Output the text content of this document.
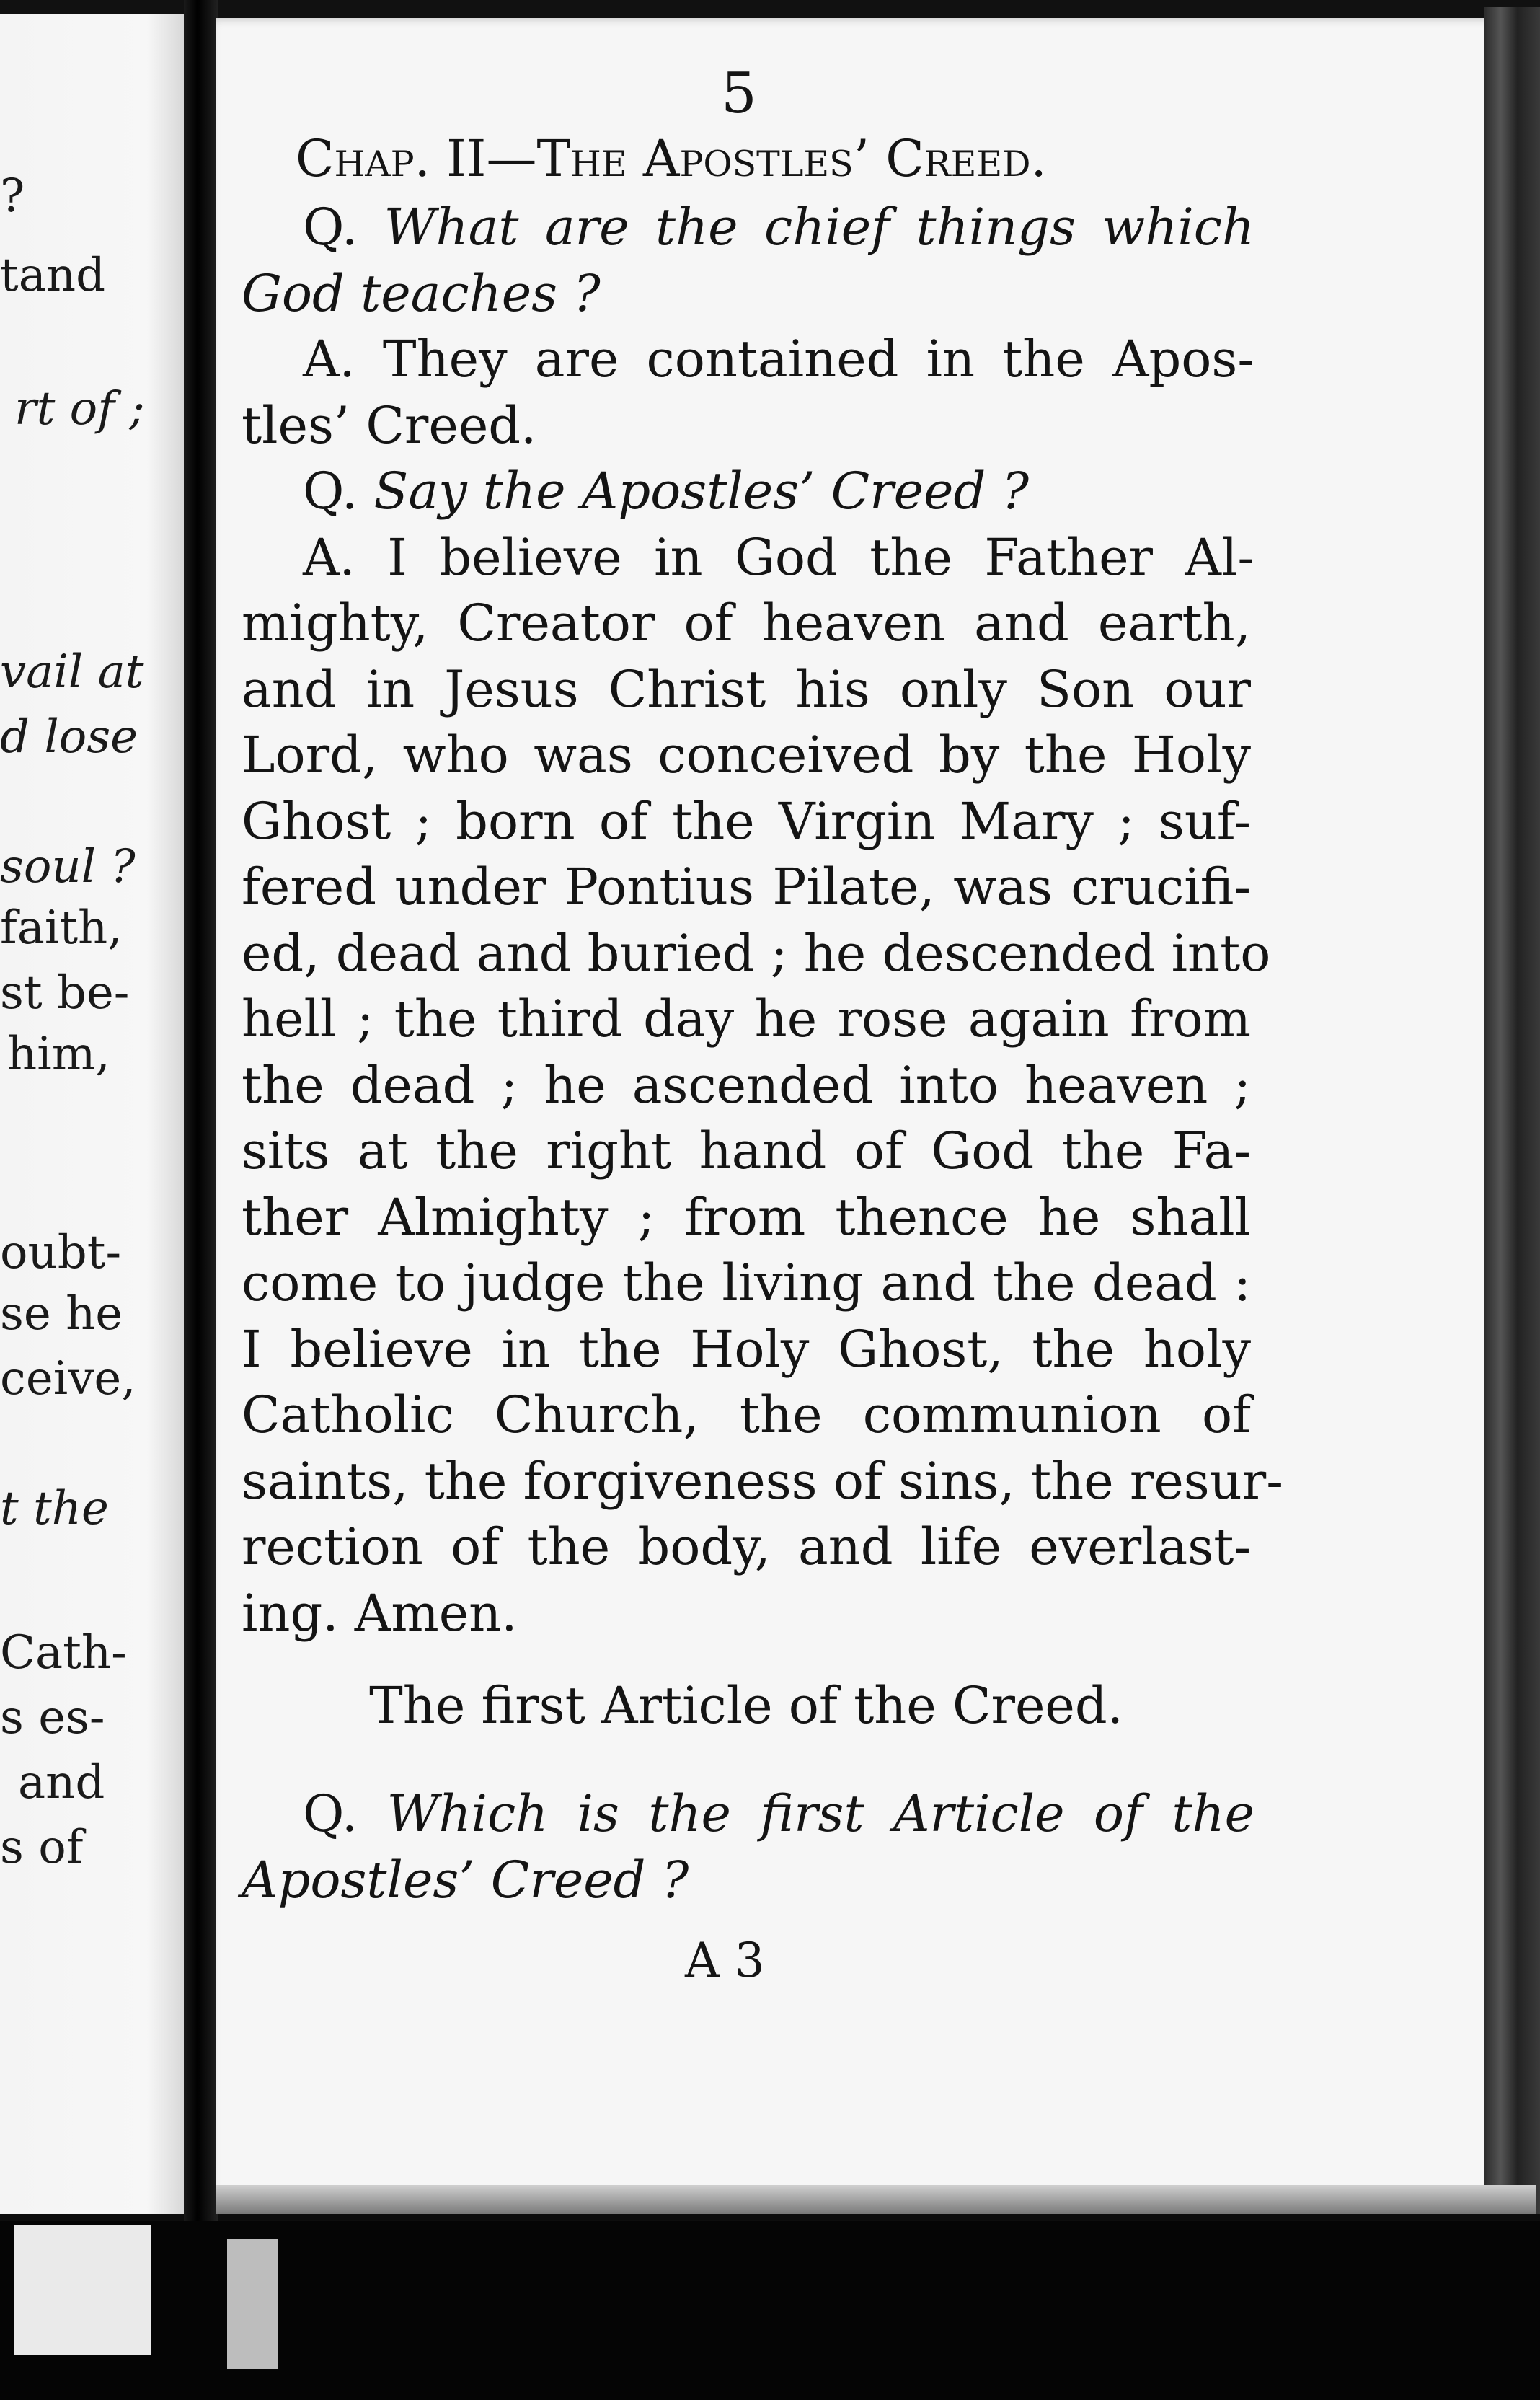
?
tand
rt of ;
vail at
d lose
soul ?
faith,
st be-
him,
oubt-
se he
ceive,
t the
Cath-
s es-
and
s of
5
Chap. II—The Apostles’ Creed.
Q. What are the chief things which
God teaches ?
A. They are contained in the Apos-
tles’ Creed.
Q. Say the Apostles’ Creed ?
A. I believe in God the Father Al-
mighty, Creator of heaven and earth,
and in Jesus Christ his only Son our
Lord, who was conceived by the Holy
Ghost ; born of the Virgin Mary ; suf-
fered under Pontius Pilate, was crucifi-
ed, dead and buried ; he descended into
hell ; the third day he rose again from
the dead ; he ascended into heaven ;
sits at the right hand of God the Fa-
ther Almighty ; from thence he shall
come to judge the living and the dead :
I believe in the Holy Ghost, the holy
Catholic Church, the communion of
saints, the forgiveness of sins, the resur-
rection of the body, and life everlast-
ing. Amen.
The first Article of the Creed.
Q. Which is the first Article of the
Apostles’ Creed ?
A 3
